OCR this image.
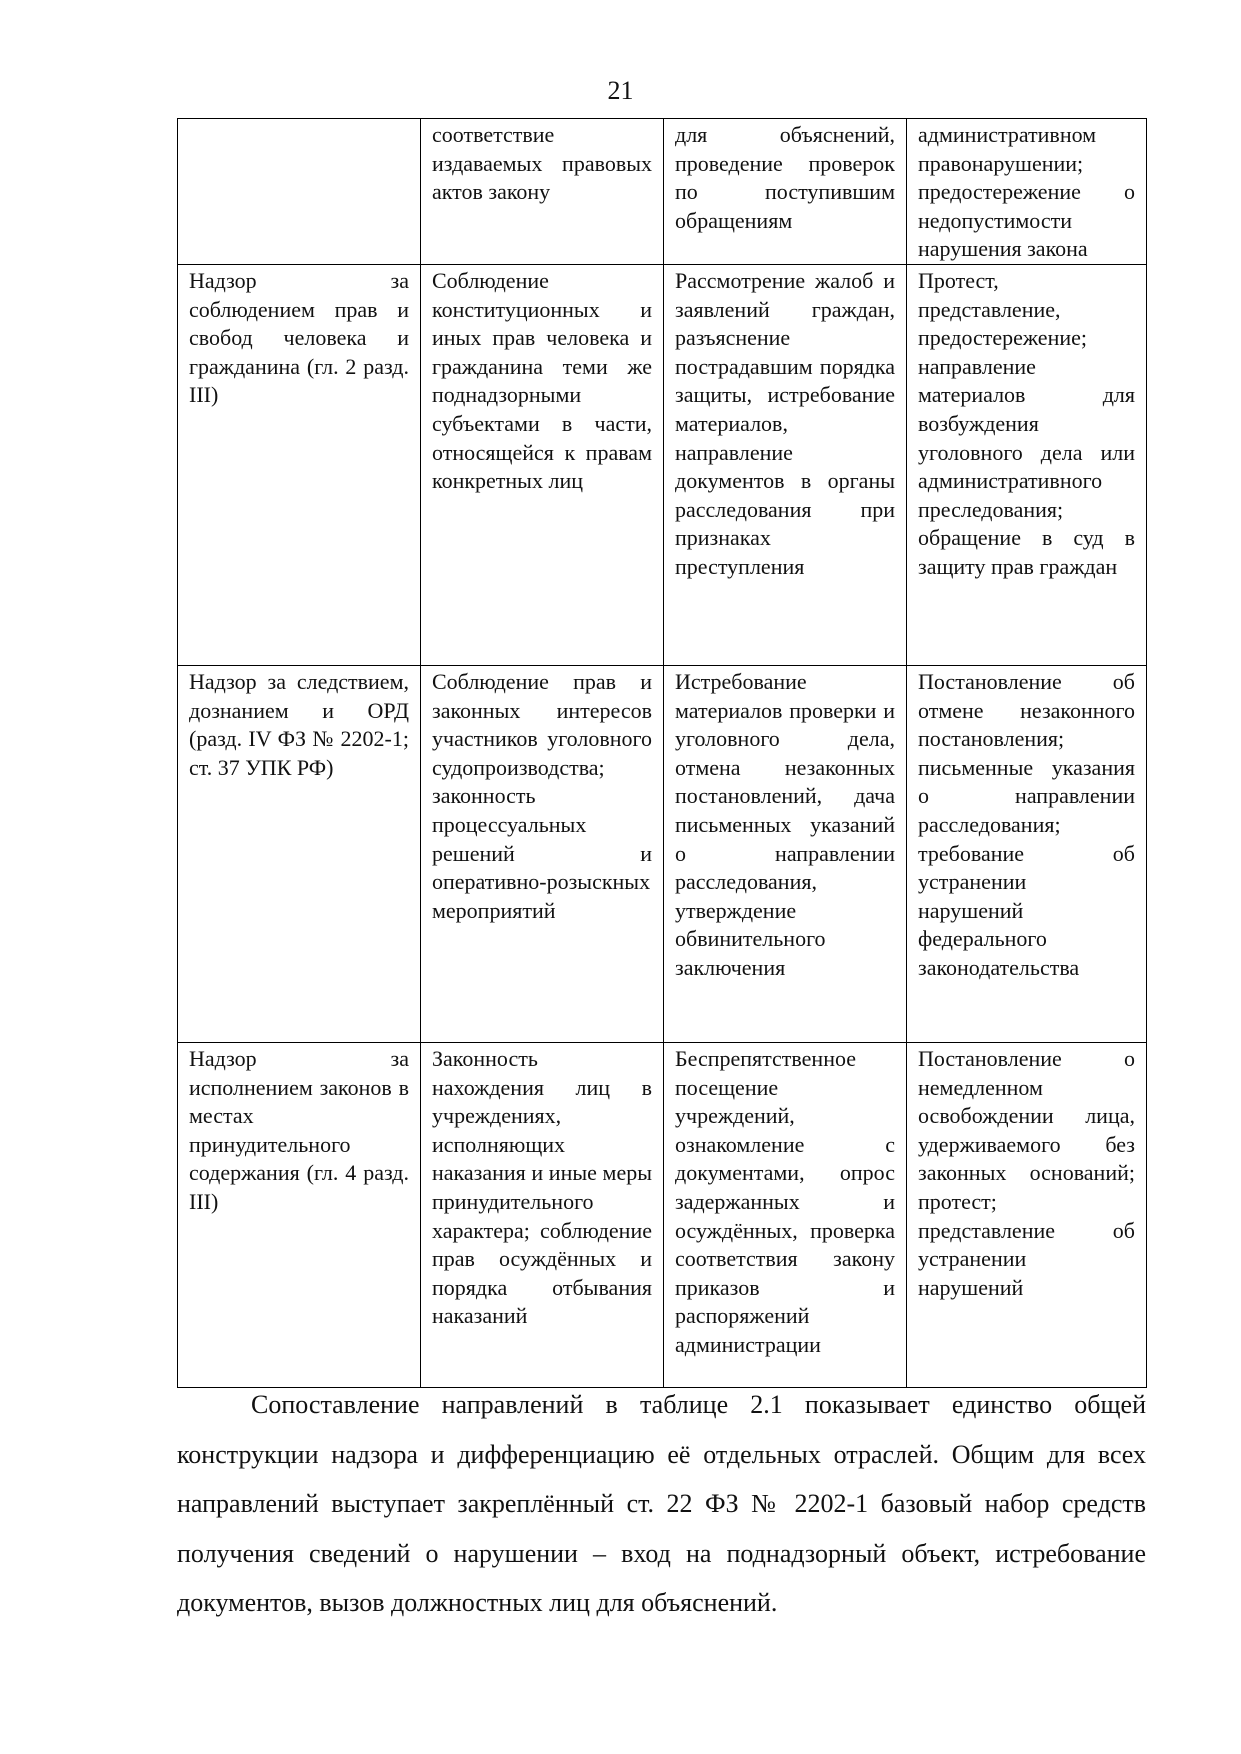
21
	соответствие издаваемых правовых актов закону	для объяснений, проведение проверок по поступившим обращениям	административном правонарушении; предостережение о недопустимости нарушения закона
Надзор за соблюдением прав и свобод человека и гражданина (гл. 2 разд. III)	Соблюдение конституционных и иных прав человека и гражданина теми же поднадзорными субъектами в части, относящейся к правам конкретных лиц	Рассмотрение жалоб и заявлений граждан, разъяснение пострадавшим порядка защиты, истребование материалов, направление документов в органы расследования при признаках преступления	Протест, представление, предостережение; направление материалов для возбуждения уголовного дела или административного преследования; обращение в суд в защиту прав граждан
Надзор за следствием, дознанием и ОРД (разд. IV ФЗ № 2202-1; ст. 37 УПК РФ)	Соблюдение прав и законных интересов участников уголовного судопроизводства; законность процессуальных решений и оперативно-розыскных мероприятий	Истребование материалов проверки и уголовного дела, отмена незаконных постановлений, дача письменных указаний о направлении расследования, утверждение обвинительного заключения	Постановление об отмене незаконного постановления; письменные указания о направлении расследования; требование об устранении нарушений федерального законодательства
Надзор за исполнением законов в местах принудительного содержания (гл. 4 разд. III)	Законность нахождения лиц в учреждениях, исполняющих наказания и иные меры принудительного характера; соблюдение прав осуждённых и порядка отбывания наказаний	Беспрепятственное посещение учреждений, ознакомление с документами, опрос задержанных и осуждённых, проверка соответствия закону приказов и распоряжений администрации	Постановление о немедленном освобождении лица, удерживаемого без законных оснований; протест; представление об устранении нарушений

Сопоставление направлений в таблице 2.1 показывает единство общей конструкции надзора и дифференциацию её отдельных отраслей. Общим для всех направлений выступает закреплённый ст. 22 ФЗ № 2202-1 базовый набор средств получения сведений о нарушении – вход на поднадзорный объект, истребование документов, вызов должностных лиц для объяснений.
